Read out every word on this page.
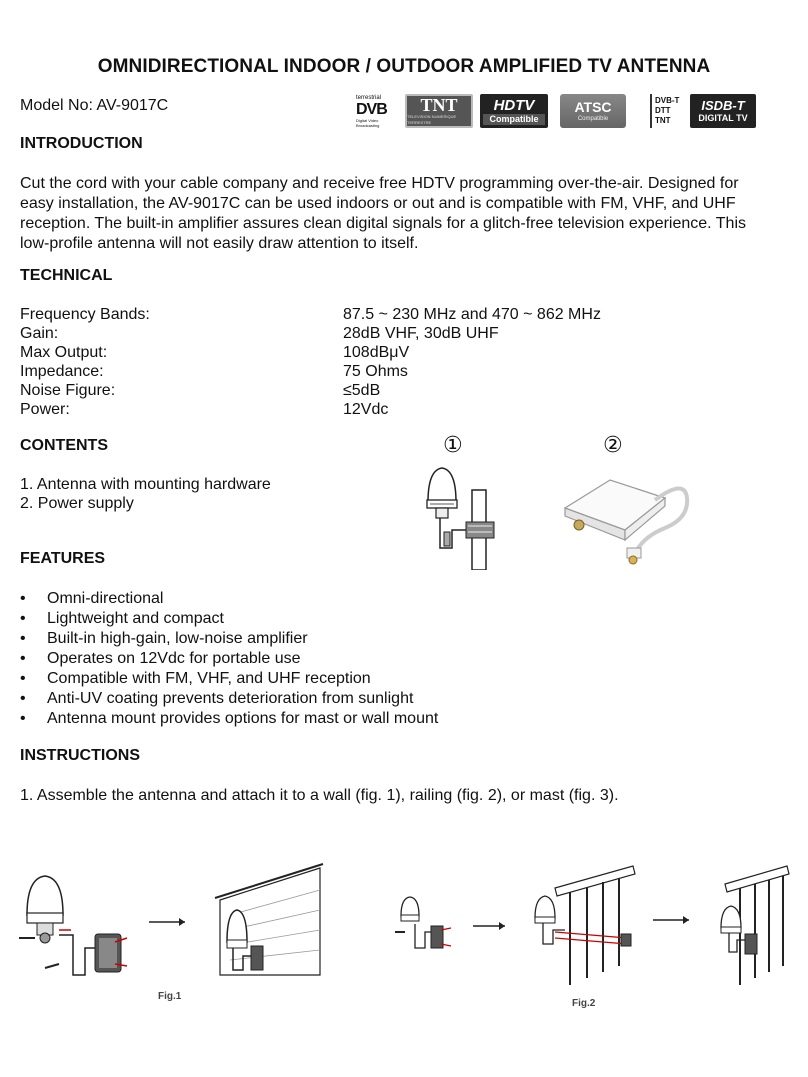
OMNIDIRECTIONAL INDOOR / OUTDOOR AMPLIFIED TV ANTENNA
Model No: AV-9017C	terrestrial
DVB
Digital Video Broadcasting
TNT
TELEVISION NUMERIQUE TERRESTRE
HDTV
Compatible
ATSC
Compatible
DVB-T
DTT
TNT
ISDB-T
DIGITAL TV
INTRODUCTION
Cut the cord with your cable company and receive free HDTV programming over-the-air. Designed for
easy installation, the AV-9017C can be used indoors or out and is compatible with FM, VHF, and UHF
reception. The built-in amplifier assures clean digital signals for a glitch-free television experience. This
low-profile antenna will not easily draw attention to itself.
TECHNICAL
Frequency Bands:	87.5 ~ 230 MHz and 470 ~ 862 MHz
Gain:	28dB VHF, 30dB UHF
Max Output:	108dBμV
Impedance:	75 Ohms
Noise Figure:	≤5dB
Power:	12Vdc
CONTENTS
1. Antenna with mounting hardware
2. Power supply
①	②
FEATURES
• Omni-directional
• Lightweight and compact
• Built-in high-gain, low-noise amplifier
• Operates on 12Vdc for portable use
• Compatible with FM, VHF, and UHF reception
• Anti-UV coating prevents deterioration from sunlight
• Antenna mount provides options for mast or wall mount
INSTRUCTIONS
1. Assemble the antenna and attach it to a wall (fig. 1), railing (fig. 2), or mast (fig. 3).
Fig.1
Fig.2
